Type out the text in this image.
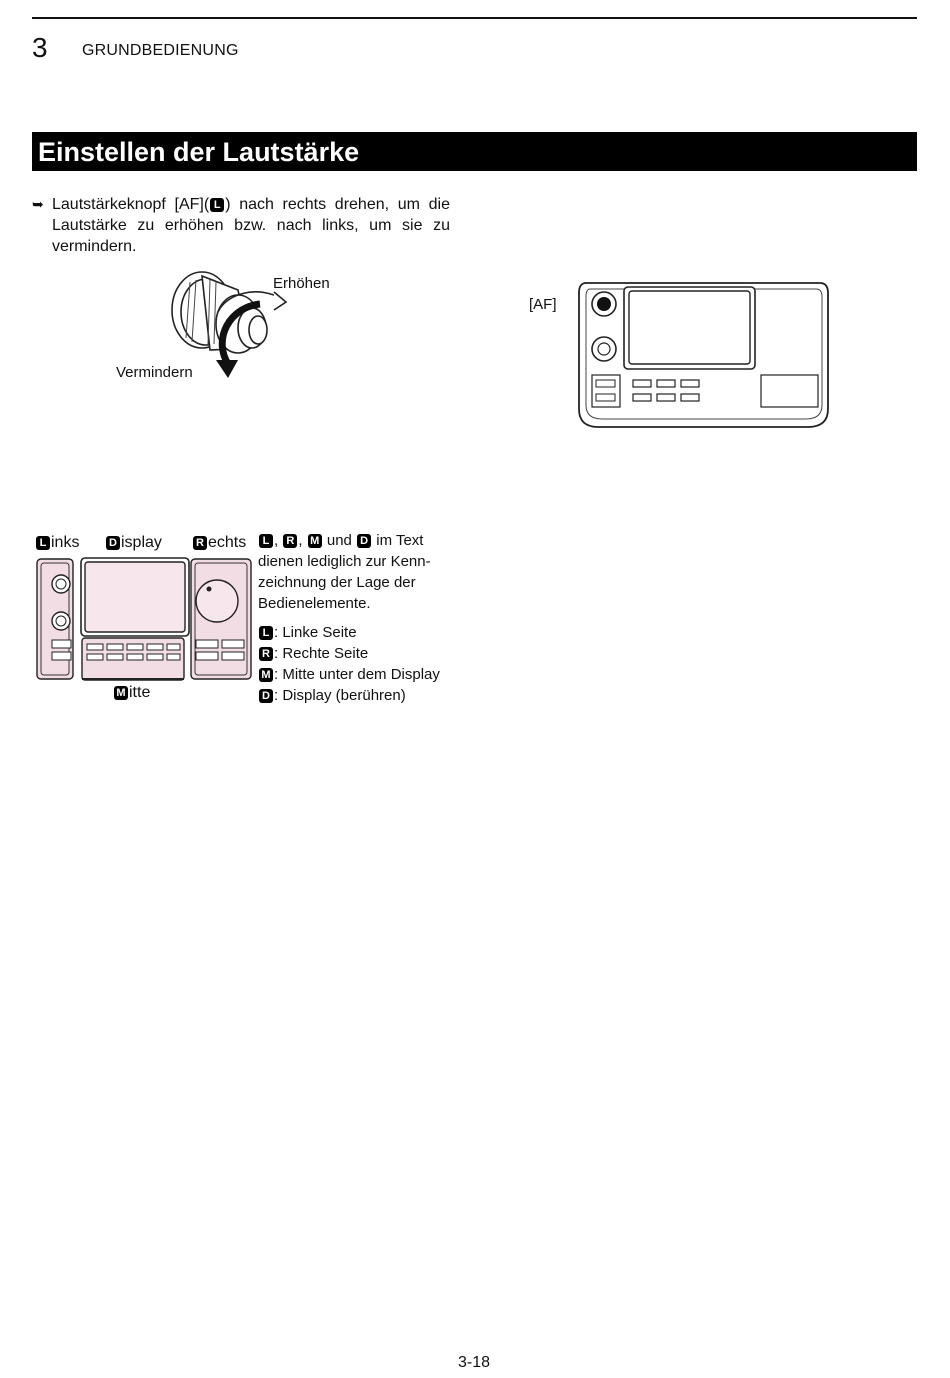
3 GRUNDBEDIENUNG
Einstellen der Lautstärke
➥ Lautstärkeknopf [AF]( L ) nach rechts drehen, um die Lautstärke zu erhöhen bzw. nach links, um sie zu vermindern.
Erhöhen
Vermindern
[AF]
L inks	D isplay	R echts
M itte

L , R , M und D im Text dienen lediglich zur Kennzeichnung der Lage der Bedienelemente.

L : Linke Seite
R : Rechte Seite
M : Mitte unter dem Display
D : Display (berühren)
3-18
